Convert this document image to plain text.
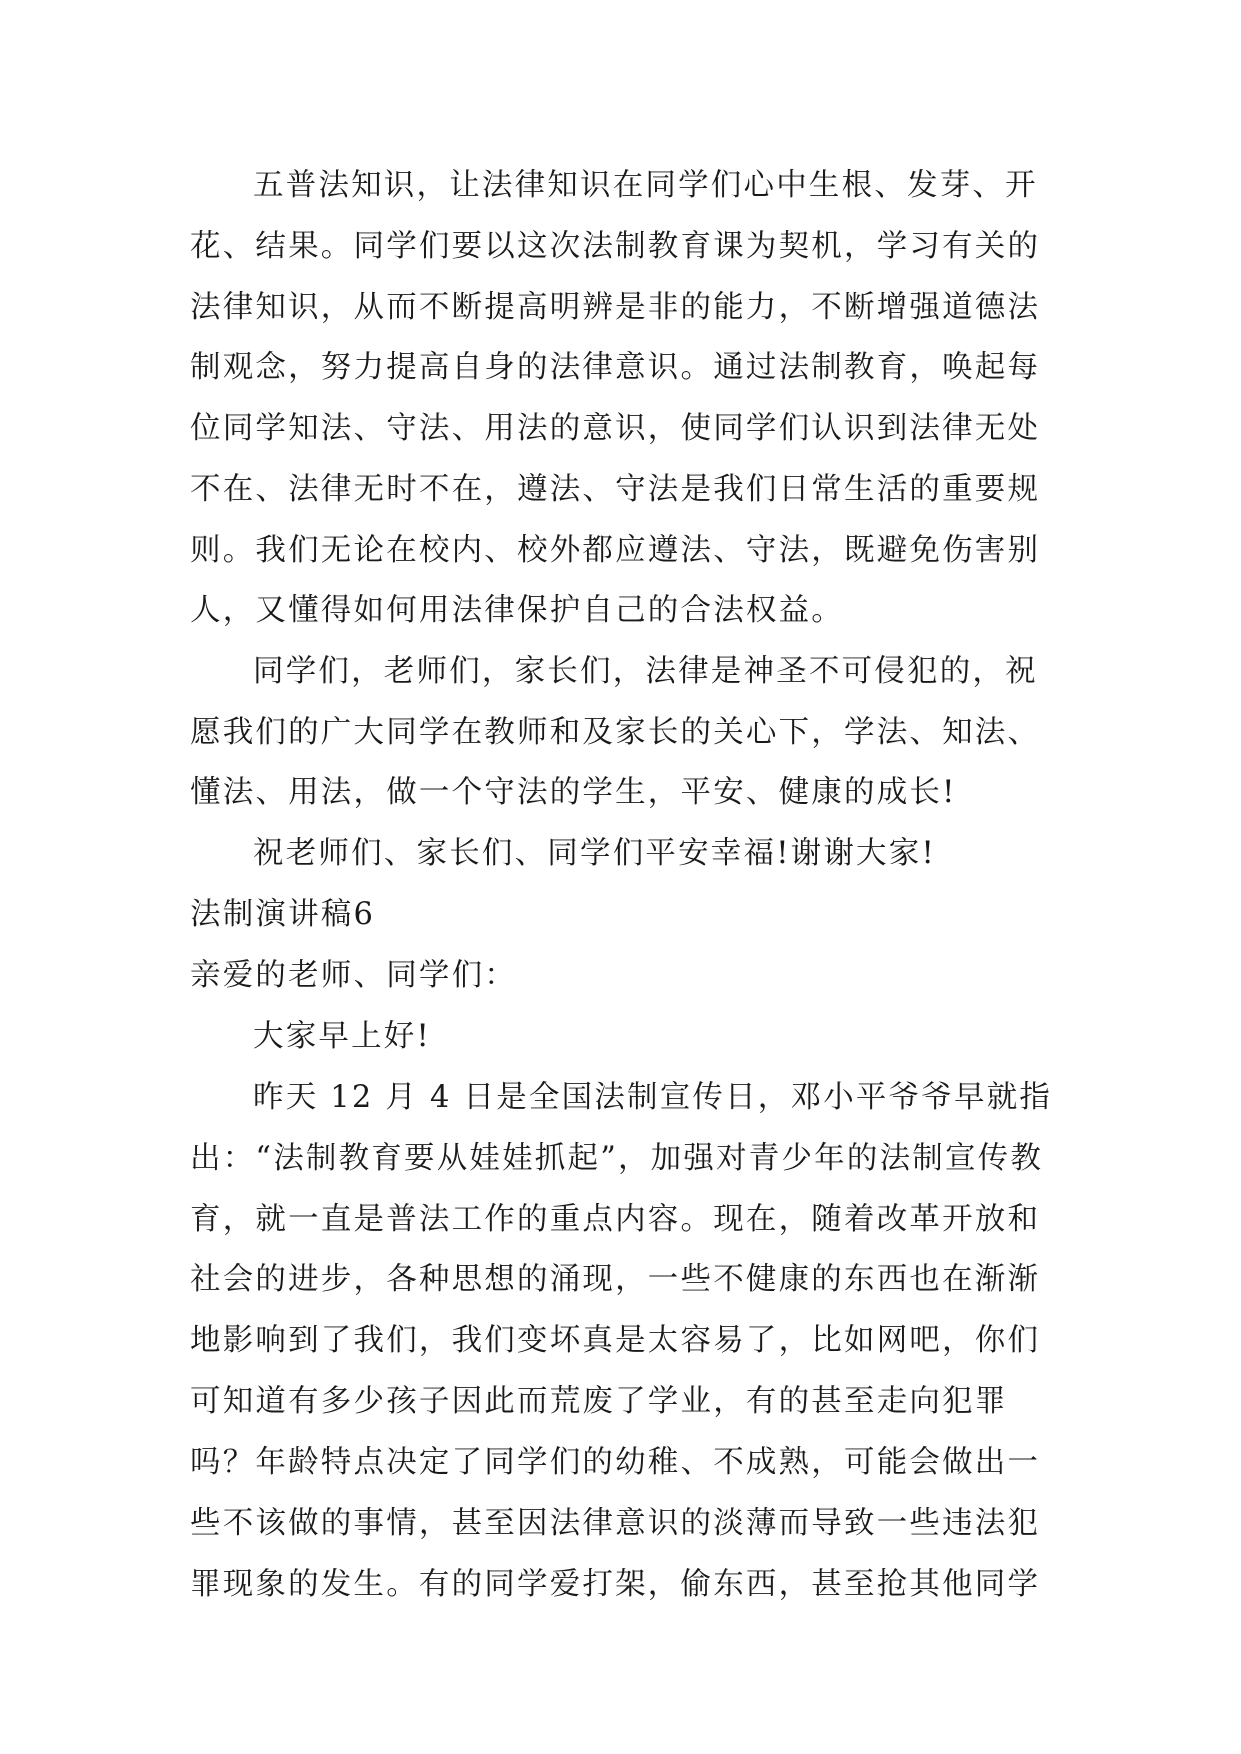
五普法知识，让法律知识在同学们心中生根、发芽、开
花、结果。同学们要以这次法制教育课为契机，学习有关的
法律知识，从而不断提高明辨是非的能力，不断增强道德法
制观念，努力提高自身的法律意识。通过法制教育，唤起每
位同学知法、守法、用法的意识，使同学们认识到法律无处
不在、法律无时不在，遵法、守法是我们日常生活的重要规
则。我们无论在校内、校外都应遵法、守法，既避免伤害别
人，又懂得如何用法律保护自己的合法权益。
同学们，老师们，家长们，法律是神圣不可侵犯的，祝
愿我们的广大同学在教师和及家长的关心下，学法、知法、
懂法、用法，做一个守法的学生，平安、健康的成长!
祝老师们、家长们、同学们平安幸福!谢谢大家!
法制演讲稿6
亲爱的老师、同学们：
大家早上好!
昨天 12 月 4 日是全国法制宣传日，邓小平爷爷早就指
出：“法制教育要从娃娃抓起”，加强对青少年的法制宣传教
育，就一直是普法工作的重点内容。现在，随着改革开放和
社会的进步，各种思想的涌现，一些不健康的东西也在渐渐
地影响到了我们，我们变坏真是太容易了，比如网吧，你们
可知道有多少孩子因此而荒废了学业，有的甚至走向犯罪
吗？年龄特点决定了同学们的幼稚、不成熟，可能会做出一
些不该做的事情，甚至因法律意识的淡薄而导致一些违法犯
罪现象的发生。有的同学爱打架，偷东西，甚至抢其他同学
